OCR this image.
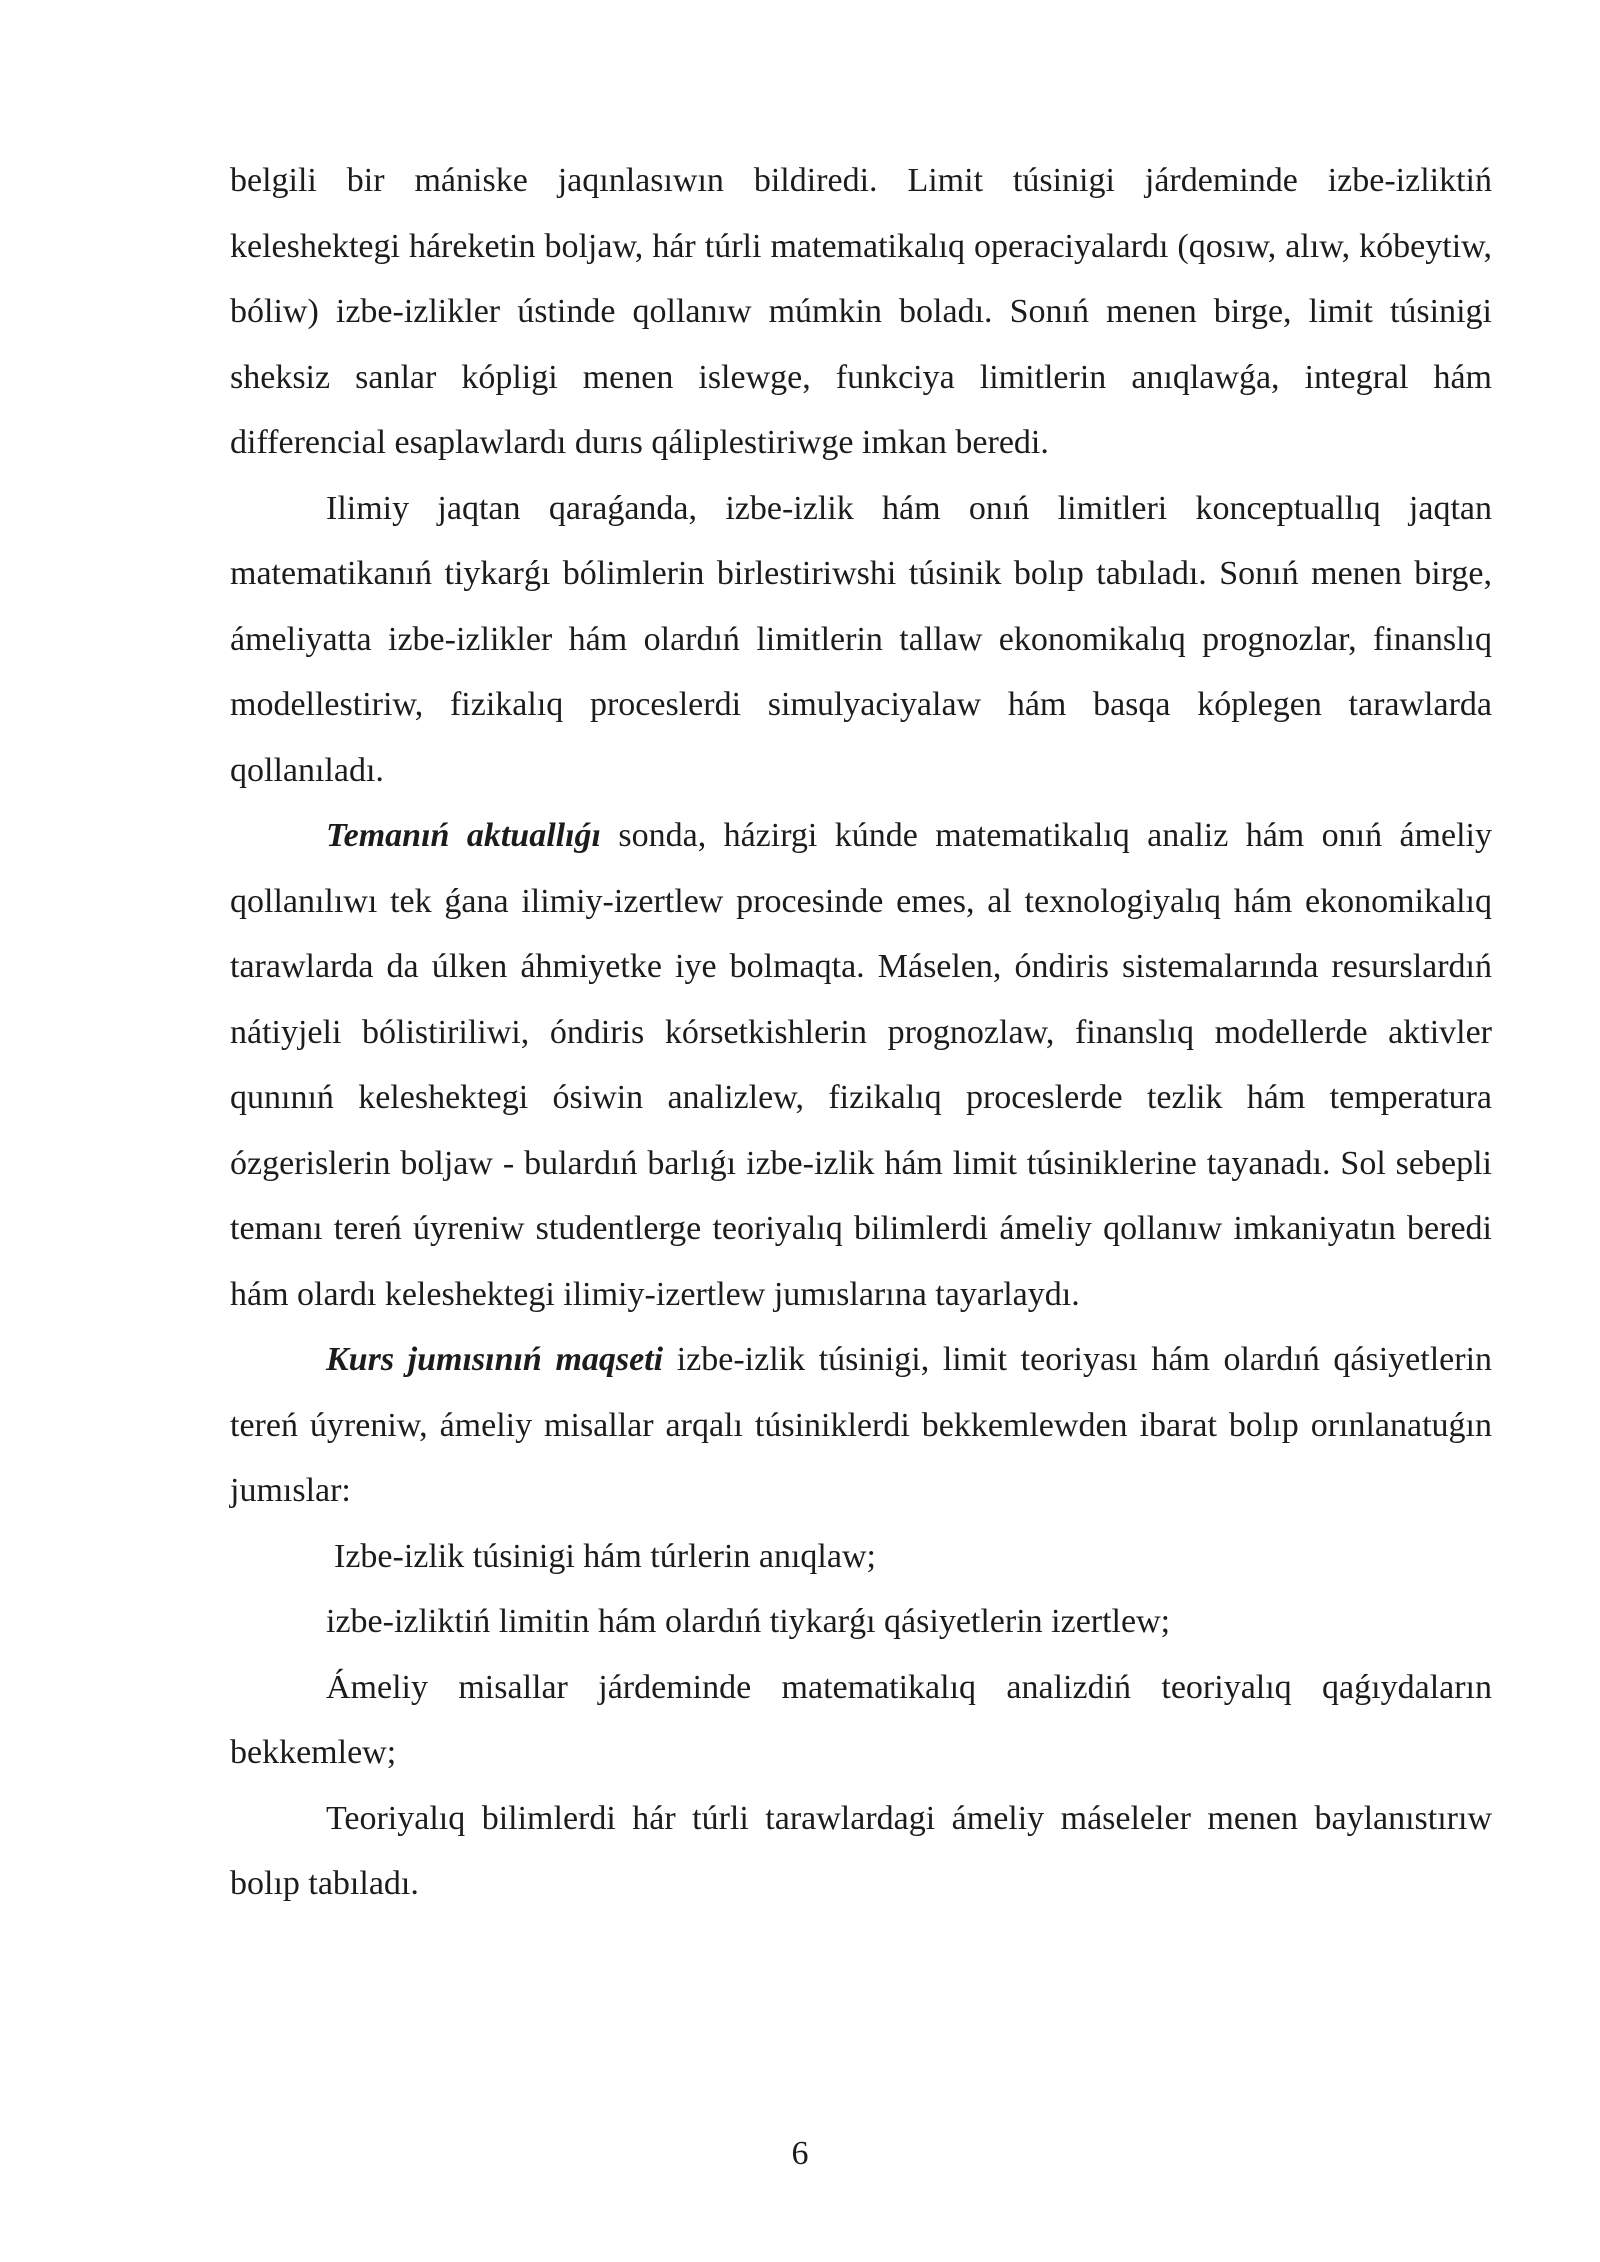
belgili bir mániske jaqınlasıwın bildiredi. Limit túsinigi járdeminde izbe-izliktiń keleshektegi háreketin boljaw, hár túrli matematikalıq operaciyalardı (qosıw, alıw, kóbeytiw, bóliw) izbe-izlikler ústinde qollanıw múmkin boladı. Sonıń menen birge, limit túsinigi sheksiz sanlar kópligi menen islewge, funkciya limitlerin anıqlawǵa, integral hám differencial esaplawlardı durıs qáliplestiriwge imkan beredi.

Ilimiy jaqtan qaraǵanda, izbe-izlik hám onıń limitleri konceptuallıq jaqtan matematikanıń tiykarǵı bólimlerin birlestiriwshi túsinik bolıp tabıladı. Sonıń menen birge, ámeliyatta izbe-izlikler hám olardıń limitlerin tallaw ekonomikalıq prognozlar, finanslıq modellestiriw, fizikalıq proceslerdi simulyaciyalaw hám basqa kóplegen tarawlarda qollanıladı.

Temanıń aktuallıǵı sonda, házirgi kúnde matematikalıq analiz hám onıń ámeliy qollanılıwı tek ǵana ilimiy-izertlew procesinde emes, al texnologiyalıq hám ekonomikalıq tarawlarda da úlken áhmiyetke iye bolmaqta. Máselen, óndiris sistemalarında resurslardıń nátiyjeli bólistiriliwi, óndiris kórsetkishlerin prognozlaw, finanslıq modellerde aktivler qunınıń keleshektegi ósiwin analizlew, fizikalıq proceslerde tezlik hám temperatura ózgerislerin boljaw - bulardıń barlıǵı izbe-izlik hám limit túsiniklerine tayanadı. Sol sebepli temanı tereń úyreniw studentlerge teoriyalıq bilimlerdi ámeliy qollanıw imkaniyatın beredi hám olardı keleshektegi ilimiy-izertlew jumıslarına tayarlaydı.

Kurs jumısınıń maqseti izbe-izlik túsinigi, limit teoriyası hám olardıń qásiyetlerin tereń úyreniw, ámeliy misallar arqalı túsiniklerdi bekkemlewden ibarat bolıp orınlanatuǵın jumıslar:

Izbe-izlik túsinigi hám túrlerin anıqlaw;

izbe-izliktiń limitin hám olardıń tiykarǵı qásiyetlerin izertlew;

Ámeliy misallar járdeminde matematikalıq analizdiń teoriyalıq qaǵıydaların bekkemlew;

Teoriyalıq bilimlerdi hár túrli tarawlardagi ámeliy máseleler menen baylanıstırıw bolıp tabıladı.

6
